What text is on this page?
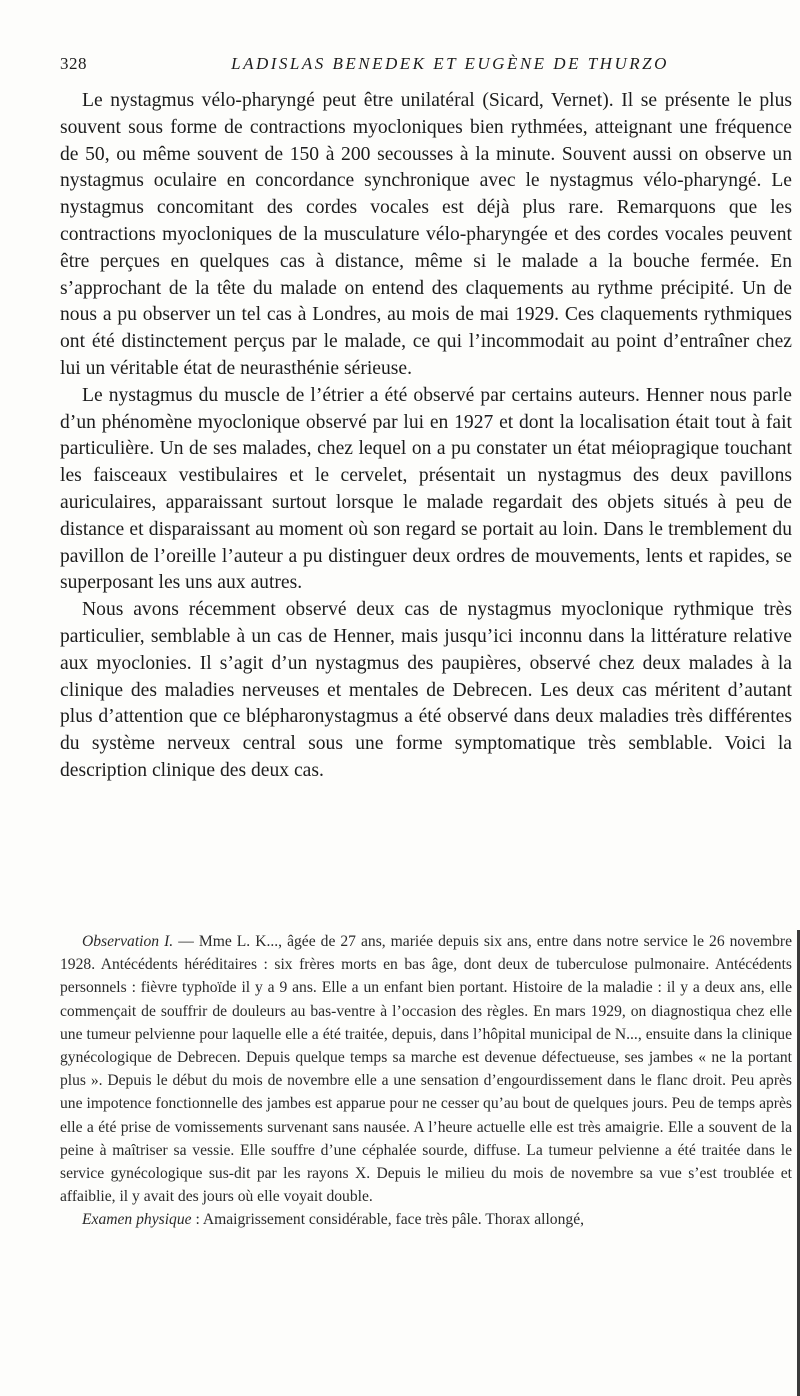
328	LADISLAS BENEDEK ET EUGÈNE DE THURZO

Le nystagmus vélo-pharyngé peut être unilatéral (Sicard, Vernet). Il se présente le plus souvent sous forme de contractions myocloniques bien rythmées, atteignant une fréquence de 50, ou même souvent de 150 à 200 secousses à la minute. Souvent aussi on observe un nystagmus oculaire en concordance synchronique avec le nystagmus vélo-pharyngé. Le nystagmus concomitant des cordes vocales est déjà plus rare. Remarquons que les contractions myocloniques de la musculature vélo-pharyngée et des cordes vocales peuvent être perçues en quelques cas à distance, même si le malade a la bouche fermée. En s’approchant de la tête du malade on entend des claquements au rythme précipité. Un de nous a pu observer un tel cas à Londres, au mois de mai 1929. Ces claquements rythmiques ont été distinctement perçus par le malade, ce qui l’incommodait au point d’entraîner chez lui un véritable état de neurasthénie sérieuse.

Le nystagmus du muscle de l’étrier a été observé par certains auteurs. Henner nous parle d’un phénomène myoclonique observé par lui en 1927 et dont la localisation était tout à fait particulière. Un de ses malades, chez lequel on a pu constater un état méiopragique touchant les faisceaux vestibulaires et le cervelet, présentait un nystagmus des deux pavillons auriculaires, apparaissant surtout lorsque le malade regardait des objets situés à peu de distance et disparaissant au moment où son regard se portait au loin. Dans le tremblement du pavillon de l’oreille l’auteur a pu distinguer deux ordres de mouvements, lents et rapides, se superposant les uns aux autres.

Nous avons récemment observé deux cas de nystagmus myoclonique rythmique très particulier, semblable à un cas de Henner, mais jusqu’ici inconnu dans la littérature relative aux myoclonies. Il s’agit d’un nystagmus des paupières, observé chez deux malades à la clinique des maladies nerveuses et mentales de Debrecen. Les deux cas méritent d’autant plus d’attention que ce blépharonystagmus a été observé dans deux maladies très différentes du système nerveux central sous une forme symptomatique très semblable. Voici la description clinique des deux cas.

Observation I. — Mme L. K..., âgée de 27 ans, mariée depuis six ans, entre dans notre service le 26 novembre 1928. Antécédents héréditaires : six frères morts en bas âge, dont deux de tuberculose pulmonaire. Antécédents personnels : fièvre typhoïde il y a 9 ans. Elle a un enfant bien portant. Histoire de la maladie : il y a deux ans, elle commençait de souffrir de douleurs au bas-ventre à l’occasion des règles. En mars 1929, on diagnostiqua chez elle une tumeur pelvienne pour laquelle elle a été traitée, depuis, dans l’hôpital municipal de N..., ensuite dans la clinique gynécologique de Debrecen. Depuis quelque temps sa marche est devenue défectueuse, ses jambes « ne la portant plus ». Depuis le début du mois de novembre elle a une sensation d’engourdissement dans le flanc droit. Peu après une impotence fonctionnelle des jambes est apparue pour ne cesser qu’au bout de quelques jours. Peu de temps après elle a été prise de vomissements survenant sans nausée. A l’heure actuelle elle est très amaigrie. Elle a souvent de la peine à maîtriser sa vessie. Elle souffre d’une céphalée sourde, diffuse. La tumeur pelvienne a été traitée dans le service gynécologique sus-dit par les rayons X. Depuis le milieu du mois de novembre sa vue s’est troublée et affaiblie, il y avait des jours où elle voyait double.

Examen physique : Amaigrissement considérable, face très pâle. Thorax allongé,
